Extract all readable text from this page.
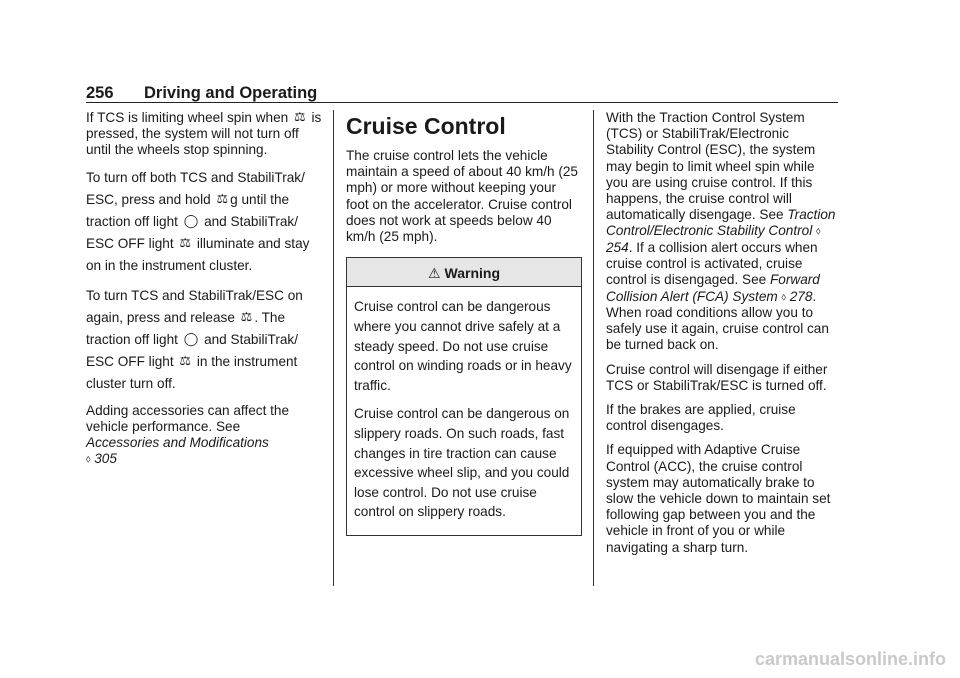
256 Driving and Operating

If TCS is limiting wheel spin when ⚖ is pressed, the system will not turn off until the wheels stop spinning.

To turn off both TCS and StabiliTrak/ ESC, press and hold ⚖ g until the traction off light ◯ and StabiliTrak/ ESC OFF light ⚖ illuminate and stay on in the instrument cluster.

To turn TCS and StabiliTrak/ESC on again, press and release ⚖ . The traction off light ◯ and StabiliTrak/ ESC OFF light ⚖ in the instrument cluster turn off.

Adding accessories can affect the vehicle performance. See
Accessories and Modifications
◊ 305

Cruise Control

The cruise control lets the vehicle maintain a speed of about 40 km/h (25 mph) or more without keeping your foot on the accelerator. Cruise control does not work at speeds below 40 km/h (25 mph).

⚠ Warning

Cruise control can be dangerous where you cannot drive safely at a steady speed. Do not use cruise control on winding roads or in heavy traffic.

Cruise control can be dangerous on slippery roads. On such roads, fast changes in tire traction can cause excessive wheel slip, and you could lose control. Do not use cruise control on slippery roads.

With the Traction Control System (TCS) or StabiliTrak/Electronic Stability Control (ESC), the system may begin to limit wheel spin while you are using cruise control. If this happens, the cruise control will automatically disengage. See Traction Control/Electronic Stability Control ◊ 254. If a collision alert occurs when cruise control is activated, cruise control is disengaged. See Forward Collision Alert (FCA) System ◊ 278. When road conditions allow you to safely use it again, cruise control can be turned back on.

Cruise control will disengage if either TCS or StabiliTrak/ESC is turned off.

If the brakes are applied, cruise control disengages.

If equipped with Adaptive Cruise Control (ACC), the cruise control system may automatically brake to slow the vehicle down to maintain set following gap between you and the vehicle in front of you or while navigating a sharp turn.

carmanualsonline.info
